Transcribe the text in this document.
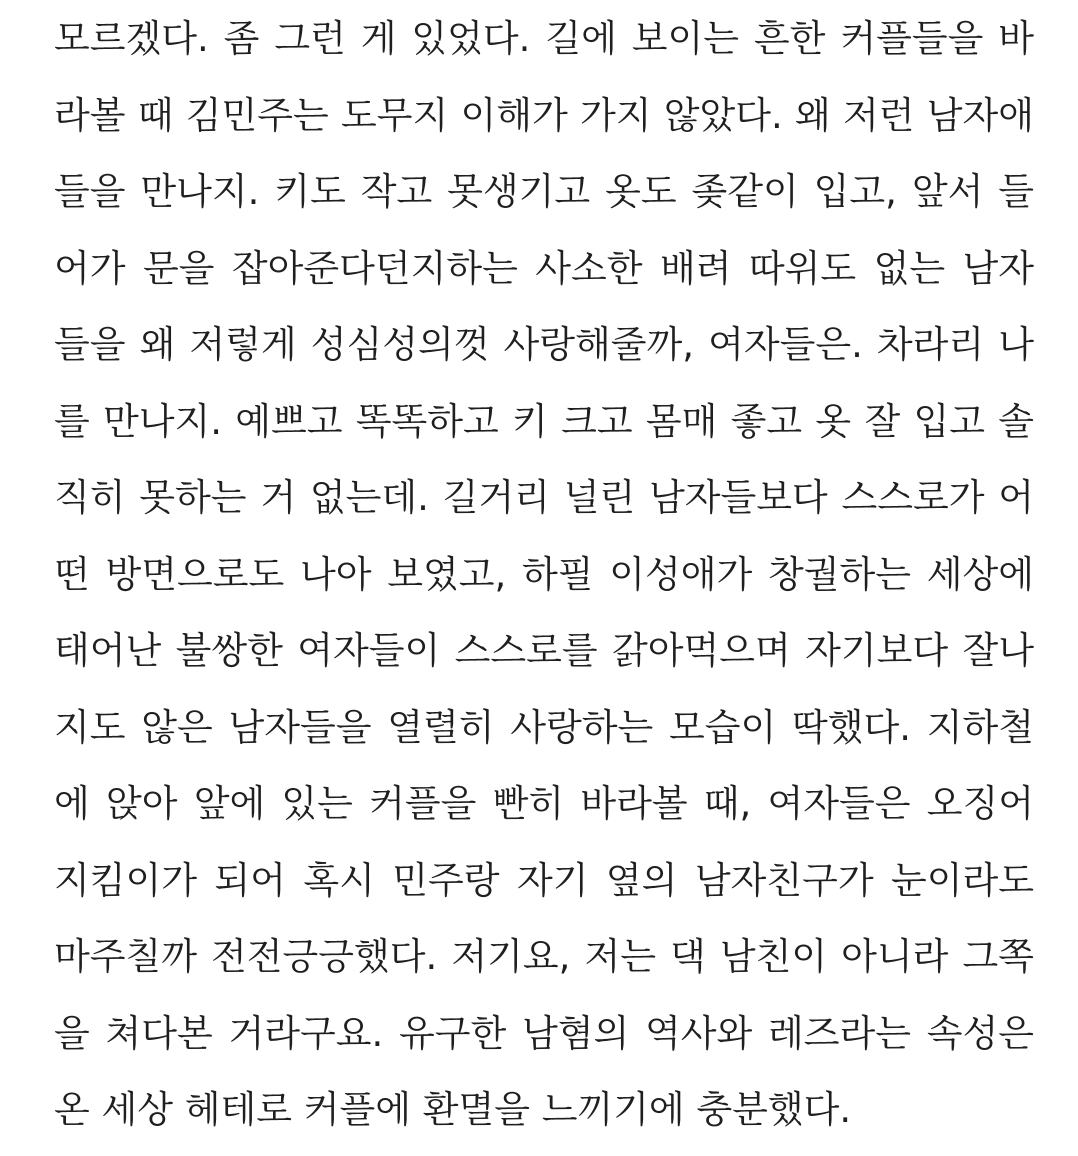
모르겠다. 좀 그런 게 있었다. 길에 보이는 흔한 커플들을 바
라볼 때 김민주는 도무지 이해가 가지 않았다. 왜 저런 남자애
들을 만나지. 키도 작고 못생기고 옷도 좆같이 입고, 앞서 들
어가 문을 잡아준다던지하는 사소한 배려 따위도 없는 남자
들을 왜 저렇게 성심성의껏 사랑해줄까, 여자들은. 차라리 나
를 만나지. 예쁘고 똑똑하고 키 크고 몸매 좋고 옷 잘 입고 솔
직히 못하는 거 없는데. 길거리 널린 남자들보다 스스로가 어
떤 방면으로도 나아 보였고, 하필 이성애가 창궐하는 세상에
태어난 불쌍한 여자들이 스스로를 갉아먹으며 자기보다 잘나
지도 않은 남자들을 열렬히 사랑하는 모습이 딱했다. 지하철
에 앉아 앞에 있는 커플을 빤히 바라볼 때, 여자들은 오징어
지킴이가 되어 혹시 민주랑 자기 옆의 남자친구가 눈이라도
마주칠까 전전긍긍했다. 저기요, 저는 댁 남친이 아니라 그쪽
을 쳐다본 거라구요. 유구한 남혐의 역사와 레즈라는 속성은
온 세상 헤테로 커플에 환멸을 느끼기에 충분했다.
